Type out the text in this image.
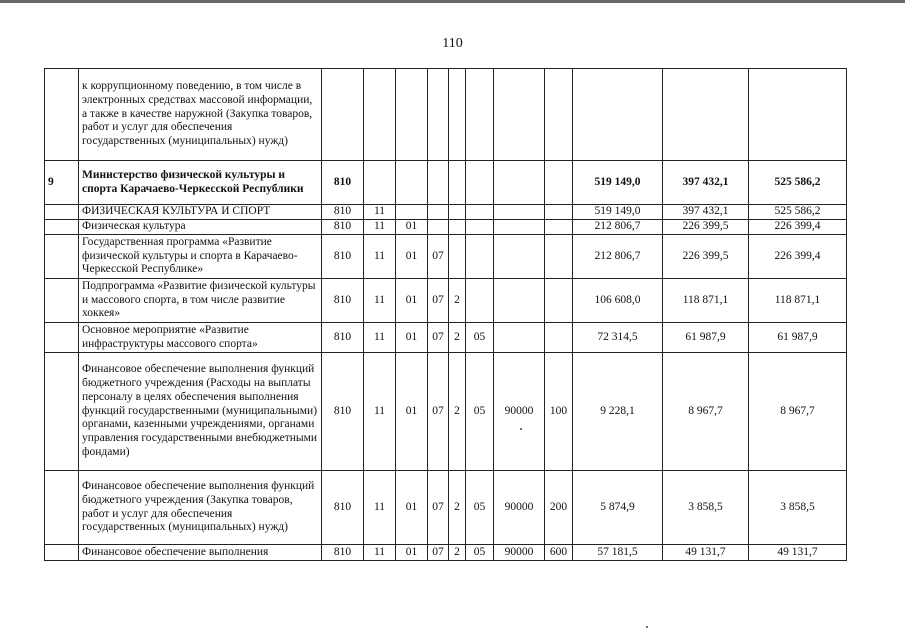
110
	к коррупционному поведению, в том числе в электронных средствах массовой информации, а также в качестве наружной (Закупка товаров, работ и услуг для обеспечения государственных (муниципальных) нужд)											
9	Министерство физической культуры и спорта Карачаево-Черкесской Республики	810								519 149,0	397 432,1	525 586,2
	ФИЗИЧЕСКАЯ КУЛЬТУРА И СПОРТ	810	11							519 149,0	397 432,1	525 586,2
	Физическая культура	810	11	01						212 806,7	226 399,5	226 399,4
	Государственная программа «Развитие физической культуры и спорта в Карачаево-Черкесской Республике»	810	11	01	07					212 806,7	226 399,5	226 399,4
	Подпрограмма «Развитие физической культуры и массового спорта, в том числе развитие хоккея»	810	11	01	07	2				106 608,0	118 871,1	118 871,1
	Основное мероприятие «Развитие инфраструктуры массового спорта»	810	11	01	07	2	05			72 314,5	61 987,9	61 987,9
	Финансовое обеспечение выполнения функций бюджетного учреждения (Расходы на выплаты персоналу в целях обеспечения выполнения функций государственными (муниципальными) органами, казенными учреждениями, органами управления государственными внебюджетными фондами)	810	11	01	07	2	05	90000	100	9 228,1	8 967,7	8 967,7
	Финансовое обеспечение выполнения функций бюджетного учреждения (Закупка товаров, работ и услуг для обеспечения государственных (муниципальных) нужд)	810	11	01	07	2	05	90000	200	5 874,9	3 858,5	3 858,5
	Финансовое обеспечение выполнения	810	11	01	07	2	05	90000	600	57 181,5	49 131,7	49 131,7
